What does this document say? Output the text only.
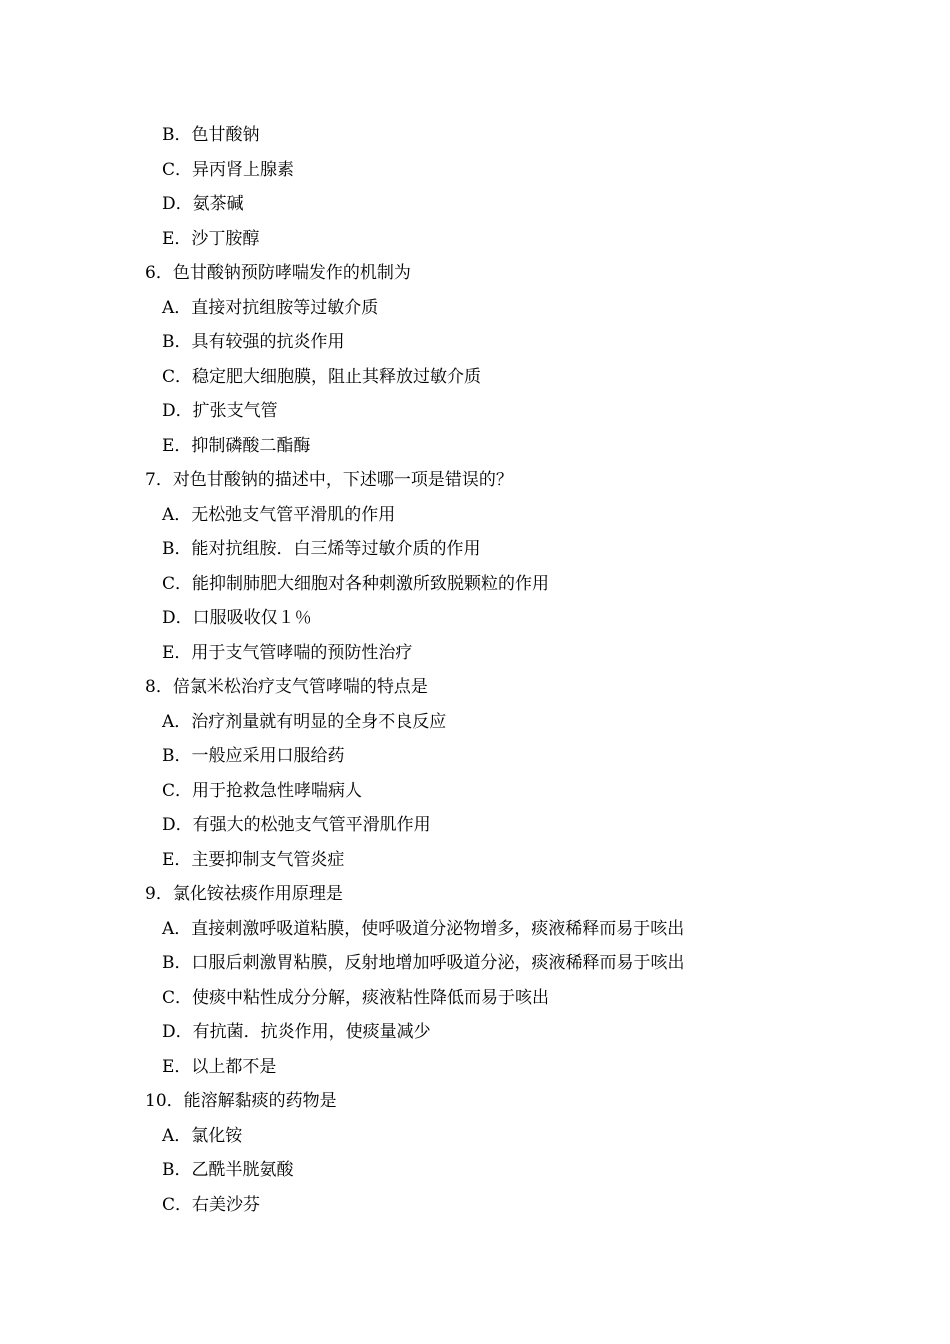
B．色甘酸钠
C．异丙肾上腺素
D．氨茶碱
E．沙丁胺醇
6．色甘酸钠预防哮喘发作的机制为
A．直接对抗组胺等过敏介质
B．具有较强的抗炎作用
C．稳定肥大细胞膜，阻止其释放过敏介质
D．扩张支气管
E．抑制磷酸二酯酶
7．对色甘酸钠的描述中，下述哪一项是错误的？
A．无松弛支气管平滑肌的作用
B．能对抗组胺．白三烯等过敏介质的作用
C．能抑制肺肥大细胞对各种刺激所致脱颗粒的作用
D．口服吸收仅１％
E．用于支气管哮喘的预防性治疗
8．倍氯米松治疗支气管哮喘的特点是
A．治疗剂量就有明显的全身不良反应
B．一般应采用口服给药
C．用于抢救急性哮喘病人
D．有强大的松弛支气管平滑肌作用
E．主要抑制支气管炎症
9．氯化铵祛痰作用原理是
A．直接刺激呼吸道粘膜，使呼吸道分泌物增多，痰液稀释而易于咳出
B．口服后刺激胃粘膜，反射地增加呼吸道分泌，痰液稀释而易于咳出
C．使痰中粘性成分分解，痰液粘性降低而易于咳出
D．有抗菌．抗炎作用，使痰量减少
E．以上都不是
10．能溶解黏痰的药物是
A．氯化铵
B．乙酰半胱氨酸
C．右美沙芬
